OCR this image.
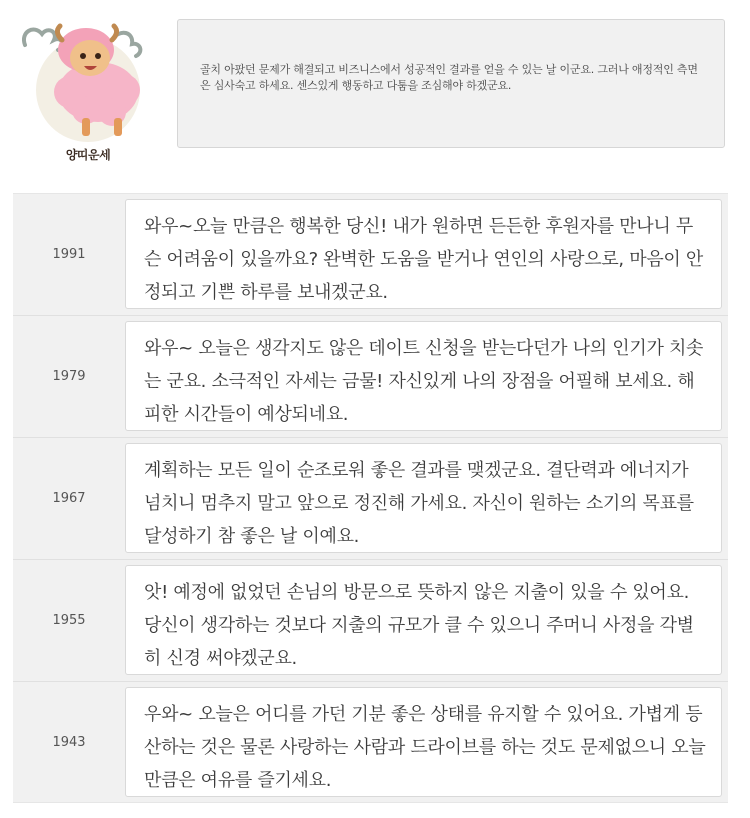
양띠운세
골치 아팠던 문제가 해결되고 비즈니스에서 성공적인 결과를 얻을 수 있는 날 이군요. 그러나 애정적인 측면은 심사숙고 하세요. 센스있게 행동하고 다툼을 조심해야 하겠군요.
1991
와우~오늘 만큼은 행복한 당신! 내가 원하면 든든한 후원자를 만나니 무슨 어려움이 있을까요? 완벽한 도움을 받거나 연인의 사랑으로, 마음이 안정되고 기쁜 하루를 보내겠군요.
1979
와우~ 오늘은 생각지도 않은 데이트 신청을 받는다던가 나의 인기가 치솟는 군요. 소극적인 자세는 금물! 자신있게 나의 장점을 어필해 보세요. 해피한 시간들이 예상되네요.
1967
계획하는 모든 일이 순조로워 좋은 결과를 맺겠군요. 결단력과 에너지가 넘치니 멈추지 말고 앞으로 정진해 가세요. 자신이 원하는 소기의 목표를 달성하기 참 좋은 날 이예요.
1955
앗! 예정에 없었던 손님의 방문으로 뜻하지 않은 지출이 있을 수 있어요. 당신이 생각하는 것보다 지출의 규모가 클 수 있으니 주머니 사정을 각별히 신경 써야겠군요.
1943
우와~ 오늘은 어디를 가던 기분 좋은 상태를 유지할 수 있어요. 가볍게 등산하는 것은 물론 사랑하는 사람과 드라이브를 하는 것도 문제없으니 오늘만큼은 여유를 즐기세요.
